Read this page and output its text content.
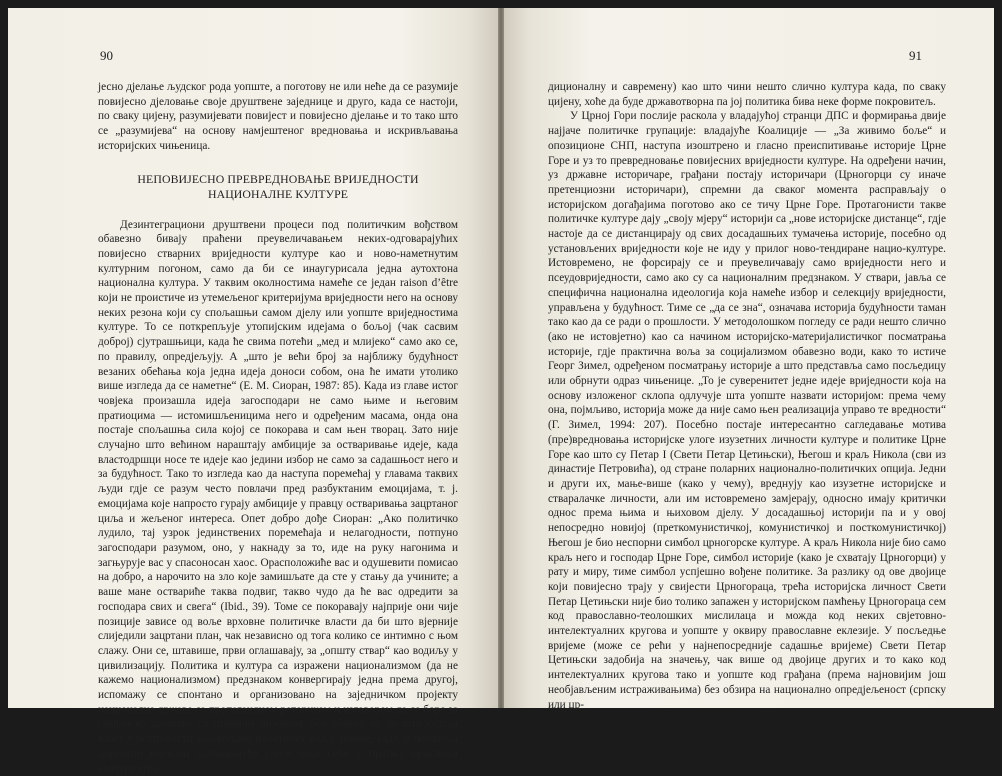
90

јесно дјелање људског рода уопште, а поготову не или неће да се разумије повијесно дјеловање своје друштвене заједнице и друго, када се настоји, по сваку цијену, разумијевати повијест и повијесно дјелање и то тако што се „разумијева“ на основу намјештеног вредновања и искривљавања историјских чињеница.

НЕПОВИЈЕСНО ПРЕВРЕДНОВАЊЕ ВРИЈЕДНОСТИ
НАЦИОНАЛНЕ КУЛТУРЕ

Дезинтеграциони друштвени процеси под политичким вођством обавезно бивају праћени преувеличавањем неких-одговарајућих повијесно стварних вриједности културе као и ново-наметнутим културним погоном, само да би се инаугурисала једна аутохтона национална култура. У таквим околностима намеће се један raison d’être који не проистиче из утемељеног критеријума вриједности него на основу неких резона који су спољашњи самом дјелу или уопште вриједностима културе. То се поткрепљује утопијским идејама о бољој (чак сасвим доброј) сјутрашњици, када ће свима потећи „мед и млијеко“ само ако се, по правилу, опредјељују. А „што је већи број за најближу будућност везаних обећања која једна идеја доноси собом, она ће имати утолико више изгледа да се наметне“ (Е. М. Сиоран, 1987: 85). Када из главе истог човјека произашла идеја загосподари не само њиме и његовим пратиоцима — истомишљеницима него и одређеним масама, онда она постаје спољашња сила којој се покорава и сам њен творац. Зато није случајно што већином нараштају амбиције за остваривање идеје, када властодршци носе те идеје као једини избор не само за садашњост него и за будућност. Тако то изгледа као да наступа поремећај у главама таквих људи гдје се разум често повлачи пред разбуктаним емоцијама, т. ј. емоцијама које напросто гурају амбиције у правцу остваривања зацртаног циља и жељеног интереса. Опет добро дође Сиоран: „Ако политичко лудило, тај узрок јединствених поремећаја и нелагодности, потпуно загосподари разумом, оно, у накнаду за то, иде на руку нагонима и загњурује вас у спасоносан хаос. Орасположиће вас и одушевити помисао на добро, а нарочито на зло које замишљате да сте у стању да учините; а ваше мане оствариће таква подвиг, такво чудо да ће вас одредити за господара свих и свега“ (Ibid., 39). Томе се покоравају најприје они чије позиције зависе од воље врховне политичке власти да би што вјерније слиједили зацртани план, чак независно од тога колико се интимно с њом слажу. Они се, штавише, први оглашавају, за „општу ствар“ као водиљу у цивилизацију. Политика и култура са изражени национализмом (да не кажемо национализмом) предзнаком конвергирају једна према другој, испомажу се спонтано и организовано на заједничком пројекту националне државе са пропагандном реториком и изговором да се боре за грађанско друштво са правном државом, без обзира на то што судска власт у потпуности задовољава политичку вољу. Наиме, када је политика директни носилац одговарајуће улоге онда себи у пратњу прислања културу (тра-

91

диционалну и савремену) као што чини нешто слично култура када, по сваку цијену, хоће да буде државотворна па јој политика бива неке форме покровитељ.

У Црној Гори послије раскола у владајућој странци ДПС и формирања двије најјаче политичке групације: владајуће Коалиције — „За живимо боље“ и опозиционе СНП, наступа изоштрено и гласно преиспитивање историје Црне Горе и уз то превредновање повијесних вриједности културе. На одређени начин, уз државне историчаре, грађани постају историчари (Црногорци су иначе претенциозни историчари), спремни да сваког момента расправљају о историјском догађајима поготово ако се тичу Црне Горе. Протагонисти такве политичке културе дају „своју мјеру“ историји са „нове историјске дистанце“, гдје настоје да се дистанцирају од свих досадашњих тумачења историје, посебно од установљених вриједности које не иду у прилог ново-тендиране нацио-културе. Истовремено, не форсирају се и преувеличавају само вриједности него и псеудовриједности, само ако су са националним предзнаком. У ствари, јавља се специфична национална идеологија која намеће избор и селекцију вриједности, управљена у будућност. Тиме се „да се зна“, означава историја будућности таман тако као да се ради о прошлости. У методолошком погледу се ради нешто слично (ако не истовјетно) као са начином историјско-материјалистичког посматрања историје, гдје практична воља за социјализмом обавезно води, како то истиче Георг Зимел, одређеном посматрању историје а што представља само посљедицу или обрнути одраз чињенице. „То је суверенитет једне идеје вриједности која на основу изложеног склопа одлучује шта уопште назвати историјом: према чему она, појмљиво, историја може да није само њен реализација управо те вредности“ (Г. Зимел, 1994: 207). Посебно постаје интересантно сагледавање мотива (пре)вредновања историјске улоге изузетних личности културе и политике Црне Горе као што су Петар I (Свети Петар Цетињски), Његош и краљ Никола (сви из династије Петровића), од стране поларних национално-политичких опција. Једни и други их, мање-више (како у чему), вреднују као изузетне историјске и стваралачке личности, али им истовремено замјерају, односно имају критички однос према њима и њиховом дјелу. У досадашњој историји па и у овој непосредно новијој (преткомунистичкој, комунистичкој и посткомунистичкој) Његош је био неспорни симбол црногорске културе. А краљ Никола није био само краљ него и господар Црне Горе, симбол историје (како је схватају Црногорци) у рату и миру, тиме симбол успјешно вођене политике. За разлику од ове двојице који повијесно трају у свијести Црногораца, трећа историјска личност Свети Петар Цетињски није био толико запажен у историјском памћењу Црногораца сем код православно-теолошких мислилаца и можда код неких свјетовно-интелектуалних кругова и уопште у оквиру православне еклезије. У посљедње вријеме (може се рећи у најнепосредније садашње вријеме) Свети Петар Цетињски задобија на значењу, чак више од двојице других и то како код интелектуалних кругова тако и уопште код грађана (према најновијим још необјављеним истраживањима) без обзира на национално опредјељеност (српску или цр-
